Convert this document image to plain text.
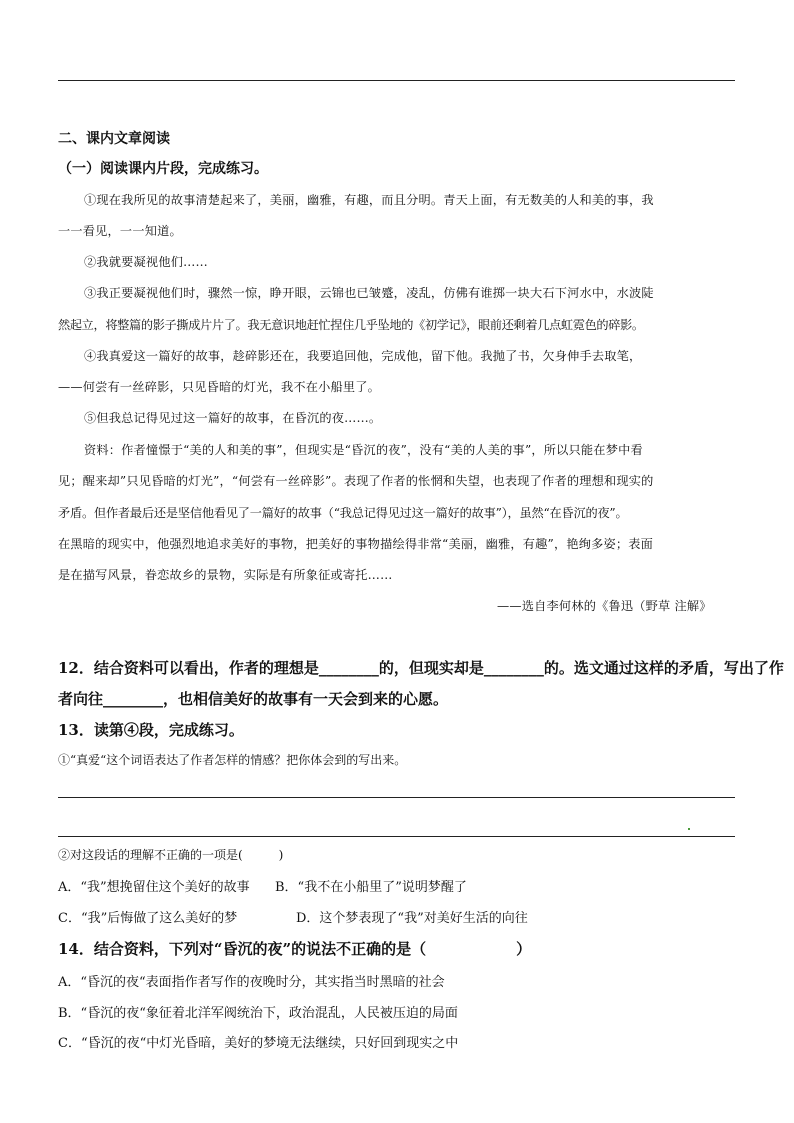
二、课内文章阅读
（一）阅读课内片段，完成练习。
①现在我所见的故事清楚起来了，美丽，幽雅，有趣，而且分明。青天上面，有无数美的人和美的事，我
一一看见，一一知道。
②我就要凝视他们……
③我正要凝视他们时，骤然一惊，睁开眼，云锦也已皱蹙，凌乱，仿佛有谁掷一块大石下河水中，水波陡
然起立，将整篇的影子撕成片片了。我无意识地赶忙捏住几乎坠地的《初学记》，眼前还剩着几点虹霓色的碎影。
④我真爱这一篇好的故事，趁碎影还在，我要追回他，完成他，留下他。我抛了书，欠身伸手去取笔，
——何尝有一丝碎影，只见昏暗的灯光，我不在小船里了。
⑤但我总记得见过这一篇好的故事，在昏沉的夜……。
资料：作者憧憬于“美的人和美的事”，但现实是“昏沉的夜”，没有“美的人美的事”，所以只能在梦中看
见；醒来却”只见昏暗的灯光”，“何尝有一丝碎影”。表现了作者的怅惘和失望，也表现了作者的理想和现实的
矛盾。但作者最后还是坚信他看见了一篇好的故事（“我总记得见过这一篇好的故事”），虽然“在昏沉的夜”。
在黑暗的现实中，他强烈地追求美好的事物，把美好的事物描绘得非常“美丽，幽雅，有趣”，艳绚多姿；表面
是在描写风景，眷恋故乡的景物，实际是有所象征或寄托……
——选自李何林的《鲁迅（野草 注解》
12．结合资料可以看出，作者的理想是________的，但现实却是________的。选文通过这样的矛盾，写出了作
者向往________，也相信美好的故事有一天会到来的心愿。
13．读第④段，完成练习。
①“真爱“这个词语表达了作者怎样的情感？把你体会到的写出来。
②对这段话的理解不正确的一项是(　　　)
A．“我”想挽留住这个美好的故事 B．“我不在小船里了”说明梦醒了
C．“我”后悔做了这么美好的梦	D．这个梦表现了“我”对美好生活的向往
14．结合资料，下列对“昏沉的夜”的说法不正确的是（　　　　　　）
A．“昏沉的夜“表面指作者写作的夜晚时分，其实指当时黑暗的社会
B．“昏沉的夜“象征着北洋军阀统治下，政治混乱，人民被压迫的局面
C．“昏沉的夜“中灯光昏暗，美好的梦境无法继续，只好回到现实之中
